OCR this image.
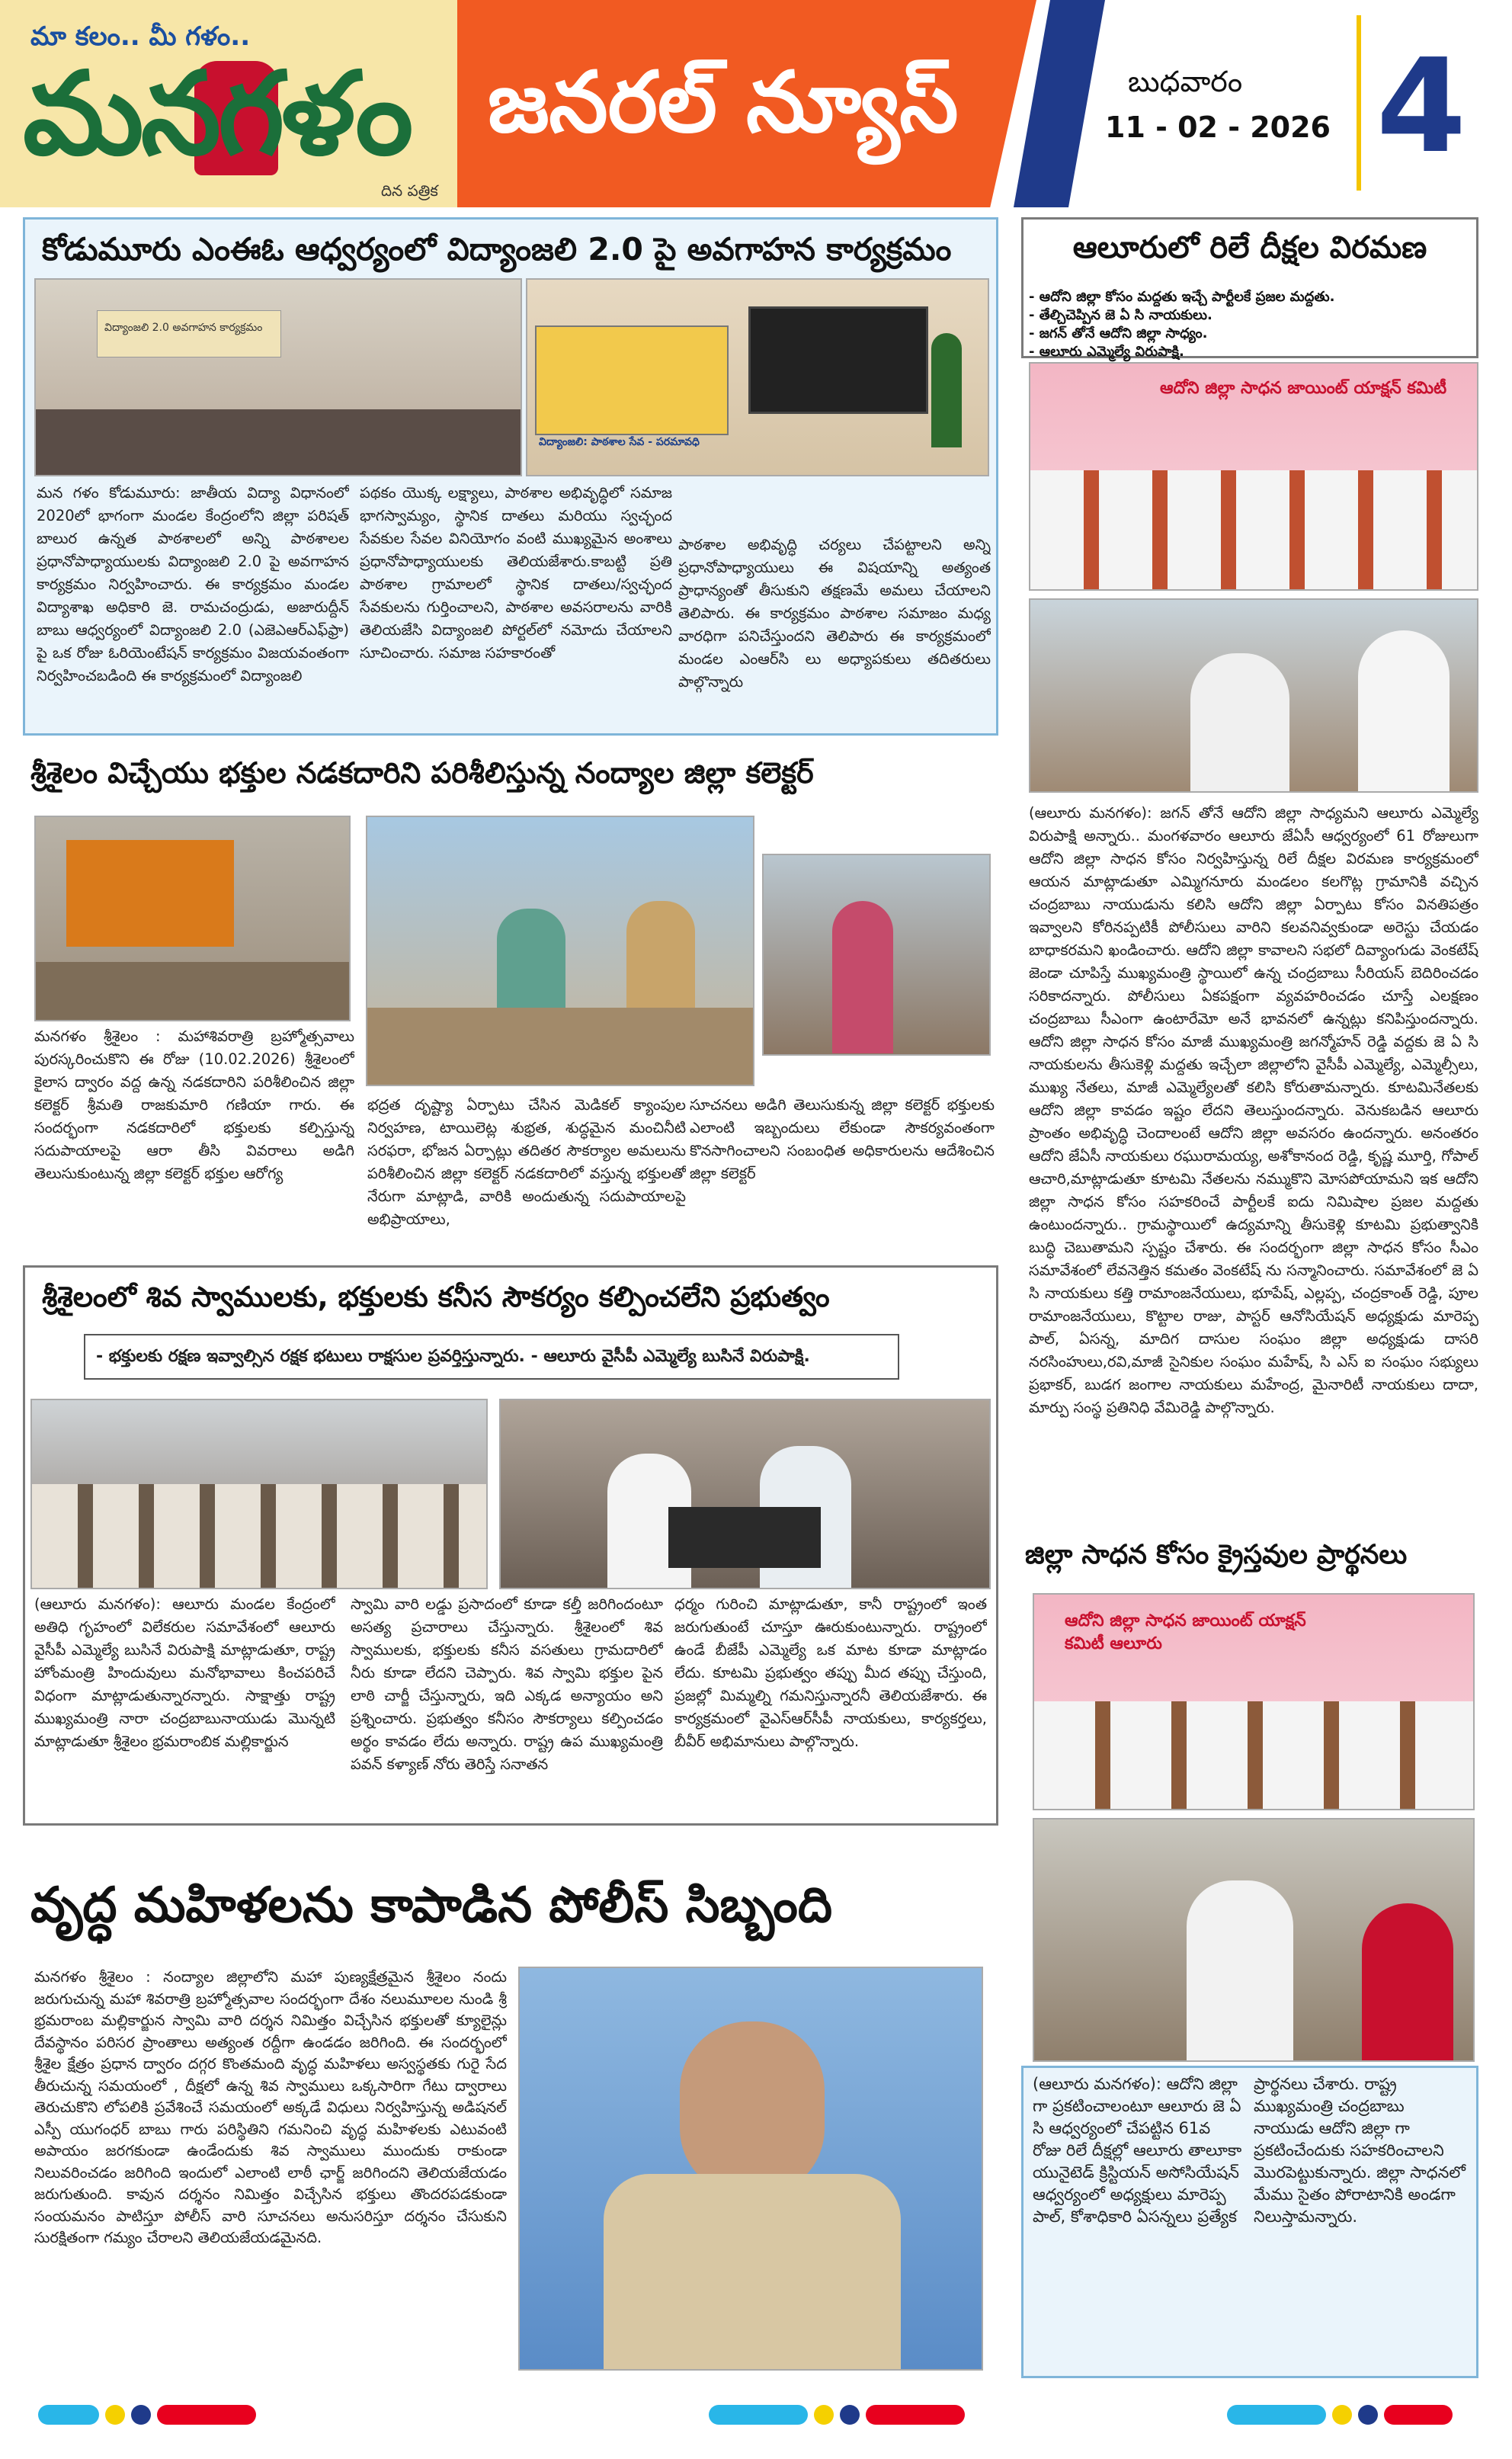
మా కలం.. మీ గళం..
మనగళం
దిన పత్రిక
జనరల్ న్యూస్	బుధవారం
11 - 02 - 2026 4
కోడుమూరు ఎంఈఓ ఆధ్వర్యంలో విద్యాంజలి 2.0 పై అవగాహన కార్యక్రమం
విద్యాంజలి 2.0 అవగాహన కార్యక్రమం
విద్యాంజలి: పాఠశాల సేవ - పరమావధి
మన గళం కోడుమూరు: జాతీయ విద్యా విధానంలో 2020లో భాగంగా మండల కేంద్రంలోని జిల్లా పరిషత్ బాలుర ఉన్నత పాఠశాలలో అన్ని పాఠశాలల ప్రధానోపాధ్యాయులకు విద్యాంజలి 2.0 పై అవగాహన కార్యక్రమం నిర్వహించారు. ఈ కార్యక్రమం మండల విద్యాశాఖ అధికారి జె. రామచంద్రుడు, అజారుద్దీన్ బాబు ఆధ్వర్యంలో విద్యాంజలి 2.0 (ఎజెఎఆర్ఎఫ్‌ఫ్రా) పై ఒక రోజు ఓరియెంటేషన్ కార్యక్రమం విజయవంతంగా నిర్వహించబడింది ఈ కార్యక్రమంలో విద్యాంజలి
పథకం యొక్క లక్ష్యాలు, పాఠశాల అభివృద్ధిలో సమాజ భాగస్వామ్యం, స్థానిక దాతలు మరియు స్వచ్ఛంద సేవకుల సేవల వినియోగం వంటి ముఖ్యమైన అంశాలు ప్రధానోపాధ్యాయులకు తెలియజేశారు.కాబట్టి ప్రతి పాఠశాల గ్రామాలలో స్థానిక దాతలు/స్వచ్ఛంద సేవకులను గుర్తించాలని, పాఠశాల అవసరాలను వారికి తెలియజేసి విద్యాంజలి పోర్టల్‌లో నమోదు చేయాలని సూచించారు. సమాజ సహకారంతో
పాఠశాల అభివృద్ధి చర్యలు చేపట్టాలని అన్ని ప్రధానోపాధ్యాయులు ఈ విషయాన్ని అత్యంత ప్రాధాన్యంతో తీసుకుని తక్షణమే అమలు చేయాలని తెలిపారు. ఈ కార్యక్రమం పాఠశాల సమాజం మధ్య వారధిగా పనిచేస్తుందని తెలిపారు ఈ కార్యక్రమంలో మండల ఎంఆర్‌సి లు అధ్యాపకులు తదితరులు పాల్గొన్నారు
శ్రీశైలం విచ్చేయు భక్తుల నడకదారిని పరిశీలిస్తున్న నంద్యాల జిల్లా కలెక్టర్
మనగళం శ్రీశైలం : మహాశివరాత్రి బ్రహ్మోత్సవాలు పురస్కరించుకొని ఈ రోజు (10.02.2026) శ్రీశైలంలో కైలాస ద్వారం వద్ద ఉన్న నడకదారిని పరిశీలించిన జిల్లా కలెక్టర్ శ్రీమతి రాజకుమారి గణియా గారు. ఈ సందర్భంగా నడకదారిలో భక్తులకు కల్పిస్తున్న సదుపాయాలపై ఆరా తీసి వివరాలు అడిగి తెలుసుకుంటున్న జిల్లా కలెక్టర్ భక్తుల ఆరోగ్య
భద్రత దృష్ట్యా ఏర్పాటు చేసిన మెడికల్ క్యాంపుల నిర్వహణ, టాయిలెట్ల శుభ్రత, శుద్ధమైన మంచినీటి సరఫరా, భోజన ఏర్పాట్లు తదితర సౌకర్యాల అమలును పరిశీలించిన జిల్లా కలెక్టర్ నడకదారిలో వస్తున్న భక్తులతో నేరుగా మాట్లాడి, వారికి అందుతున్న సదుపాయాలపై అభిప్రాయాలు,
సూచనలు అడిగి తెలుసుకున్న జిల్లా కలెక్టర్ భక్తులకు ఎలాంటి ఇబ్బందులు లేకుండా సౌకర్యవంతంగా కొనసాగించాలని సంబంధిత అధికారులను ఆదేశించిన జిల్లా కలెక్టర్
శ్రీశైలంలో శివ స్వాములకు, భక్తులకు కనీస సౌకర్యం కల్పించలేని ప్రభుత్వం
- భక్తులకు రక్షణ ఇవ్వాల్సిన రక్షక భటులు రాక్షసుల ప్రవర్తిస్తున్నారు. - ఆలూరు వైసీపీ ఎమ్మెల్యే బుసినే విరుపాక్షి.
(ఆలూరు మనగళం): ఆలూరు మండల కేంద్రంలో అతిధి గృహంలో విలేకరుల సమావేశంలో ఆలూరు వైసీపీ ఎమ్మెల్యే బుసినే విరుపాక్షి మాట్లాడుతూ, రాష్ట్ర హోంమంత్రి హిందువులు మనోభావాలు కించపరిచే విధంగా మాట్లాడుతున్నారన్నారు. సాక్షాత్తు రాష్ట్ర ముఖ్యమంత్రి నారా చంద్రబాబునాయుడు మొన్నటి మాట్లాడుతూ శ్రీశైలం భ్రమరాంబిక మల్లికార్జున
స్వామి వారి లడ్డు ప్రసాదంలో కూడా కల్తీ జరిగిందంటూ అసత్య ప్రచారాలు చేస్తున్నారు. శ్రీశైలంలో శివ స్వాములకు, భక్తులకు కనీస వసతులు గ్రామదారిలో నీరు కూడా లేదని చెప్పారు. శివ స్వామి భక్తుల పైన లాఠి చార్జీ చేస్తున్నారు, ఇది ఎక్కడ అన్యాయం అని ప్రశ్నించారు. ప్రభుత్వం కనీసం సౌకర్యాలు కల్పించడం అర్థం కావడం లేదు అన్నారు. రాష్ట్ర ఉప ముఖ్యమంత్రి పవన్ కళ్యాణ్ నోరు తెరిస్తే సనాతన
ధర్మం గురించి మాట్లాడుతూ, కానీ రాష్ట్రంలో ఇంత జరుగుతుంటే చూస్తూ ఊరుకుంటున్నారు. రాష్ట్రంలో ఉండే బీజేపీ ఎమ్మెల్యే ఒక మాట కూడా మాట్లాడం లేదు. కూటమి ప్రభుత్వం తప్పు మీద తప్పు చేస్తుంది, ప్రజల్లో మిమ్మల్ని గమనిస్తున్నారనీ తెలియజేశారు. ఈ కార్యక్రమంలో వైఎస్ఆర్‌సీపీ నాయకులు, కార్యకర్తలు, బీవీర్ అభిమానులు పాల్గొన్నారు.
వృద్ధ మహిళలను కాపాడిన పోలీస్ సిబ్బంది
మనగళం శ్రీశైలం : నంద్యాల జిల్లాలోని మహా పుణ్యక్షేత్రమైన శ్రీశైలం నందు జరుగుచున్న మహా శివరాత్రి బ్రహ్మోత్సవాల సందర్భంగా దేశం నలుమూలల నుండి శ్రీ భ్రమరాంబ మల్లికార్జున స్వామి వారి దర్శన నిమిత్తం విచ్చేసిన భక్తులతో క్యూలైన్లు దేవస్థానం పరిసర ప్రాంతాలు అత్యంత రద్దీగా ఉండడం జరిగింది. ఈ సందర్భంలో శ్రీశైల క్షేత్రం ప్రధాన ద్వారం దగ్గర కొంతమంది వృద్ధ మహిళలు అస్వస్థతకు గురై సేద తీరుచున్న సమయంలో , దీక్షలో ఉన్న శివ స్వాములు ఒక్కసారిగా గేటు ద్వారాలు తెరుచుకొని లోపలికి ప్రవేశించే సమయంలో అక్కడే విధులు నిర్వహిస్తున్న అడిషనల్ ఎస్పీ యుగంధర్ బాబు గారు పరిస్థితిని గమనించి వృద్ధ మహిళలకు ఎటువంటి అపాయం జరగకుండా ఉండేందుకు శివ స్వాములు ముందుకు రాకుండా నిలువరించడం జరిగింది ఇందులో ఎలాంటి లాఠీ ఛార్జ్ జరిగిందని తెలియజేయడం జరుగుతుంది. కావున దర్శనం నిమిత్తం విచ్చేసిన భక్తులు తొందరపడకుండా సంయమనం పాటిస్తూ పోలీస్ వారి సూచనలు అనుసరిస్తూ దర్శనం చేసుకుని సురక్షితంగా గమ్యం చేరాలని తెలియజేయడమైనది.
ఆలూరులో రిలే దీక్షల విరమణ
- ఆదోని జిల్లా కోసం మద్దతు ఇచ్చే పార్టీలకే ప్రజల మద్దతు.
- తేల్చిచెప్పిన జె ఏ సి నాయకులు.
- జగన్ తోనే ఆదోని జిల్లా సాధ్యం.
- ఆలూరు ఎమ్మెల్యే విరుపాక్షి.
ఆదోని జిల్లా సాధన జాయింట్ యాక్షన్ కమిటీ
(ఆలూరు మనగళం): జగన్ తోనే ఆదోని జిల్లా సాధ్యమని ఆలూరు ఎమ్మెల్యే విరుపాక్షి అన్నారు.. మంగళవారం ఆలూరు జేఏసీ ఆధ్వర్యంలో 61 రోజులుగా ఆదోని జిల్లా సాధన కోసం నిర్వహిస్తున్న రిలే దీక్షల విరమణ కార్యక్రమంలో ఆయన మాట్లాడుతూ ఎమ్మిగనూరు మండలం కలగొట్ల గ్రామానికి వచ్చిన చంద్రబాబు నాయుడును కలిసి ఆదోని జిల్లా ఏర్పాటు కోసం వినతిపత్రం ఇవ్వాలని కోరినప్పటికీ పోలీసులు వారిని కలవనివ్వకుండా అరెస్టు చేయడం బాధాకరమని ఖండించారు. ఆదోని జిల్లా కావాలని సభలో దివ్యాంగుడు వెంకటేష్ జెండా చూపిస్తే ముఖ్యమంత్రి స్థాయిలో ఉన్న చంద్రబాబు సీరియస్ బెదిరించడం సరికాదన్నారు. పోలీసులు ఏకపక్షంగా వ్యవహరించడం చూస్తే ఎలక్షణం చంద్రబాబు సీఎంగా ఉంటారేమో అనే భావనలో ఉన్నట్లు కనిపిస్తుందన్నారు. ఆదోని జిల్లా సాధన కోసం మాజీ ముఖ్యమంత్రి జగన్మోహన్ రెడ్డి వద్దకు జె ఏ సి నాయకులను తీసుకెళ్లి మద్దతు ఇచ్చేలా జిల్లాలోని వైసీపీ ఎమ్మెల్యే, ఎమ్మెల్సీలు, ముఖ్య నేతలు, మాజీ ఎమ్మెల్యేలతో కలిసి కోరుతామన్నారు. కూటమినేతలకు ఆదోని జిల్లా కావడం ఇష్టం లేదని తెలుస్తుందన్నారు. వెనుకబడిన ఆలూరు ప్రాంతం అభివృద్ధి చెందాలంటే ఆదోని జిల్లా అవసరం ఉందన్నారు. అనంతరం ఆదోని జేఏసీ నాయకులు రఘురామయ్య, అశోకానంద రెడ్డి, కృష్ణ మూర్తి, గోపాల్ ఆచారి,మాట్లాడుతూ కూటమి నేతలను నమ్ముకొని మోసపోయామని ఇక ఆదోని జిల్లా సాధన కోసం సహకరించే పార్టీలకే ఐదు నిమిషాల ప్రజల మద్దతు ఉంటుందన్నారు.. గ్రామస్థాయిలో ఉద్యమాన్ని తీసుకెళ్లి కూటమి ప్రభుత్వానికి బుద్ధి చెబుతామని స్పష్టం చేశారు. ఈ సందర్భంగా జిల్లా సాధన కోసం సీఎం సమావేశంలో లేవనెత్తిన కమతం వెంకటేష్ ను సన్మానించారు. సమావేశంలో జె ఏ సి నాయకులు కత్తి రామాంజనేయులు, భూపేష్, ఎల్లప్ప, చంద్రకాంత్ రెడ్డి, పూల రామాంజనేయులు, కొట్టాల రాజు, పాస్టర్ ఆనోసియేషన్ అధ్యక్షుడు మారెప్ప పాల్, ఏసన్న, మాదిగ దాసుల సంఘం జిల్లా అధ్యక్షుడు దాసరి నరసింహులు,రవి,మాజీ సైనికుల సంఘం మహేష్, సి ఎస్ ఐ సంఘం సభ్యులు ప్రభాకర్, బుడగ జంగాల నాయకులు మహేంద్ర, మైనారిటీ నాయకులు దాదా, మార్పు సంస్థ ప్రతినిధి వేమిరెడ్డి పాల్గొన్నారు.
జిల్లా సాధన కోసం క్రైస్తవుల ప్రార్థనలు
ఆదోని జిల్లా సాధన జాయింట్ యాక్షన్ కమిటీ ఆలూరు
(ఆలూరు మనగళం): ఆదోని జిల్లా గా ప్రకటించాలంటూ ఆలూరు జె ఏ సి ఆధ్వర్యంలో చేపట్టిన 61వ రోజు రిలే దీక్షల్లో ఆలూరు తాలూకా యునైటెడ్ క్రిస్టియన్ అసోసియేషన్ ఆధ్వర్యంలో అధ్యక్షులు మారెప్ప పాల్, కోశాధికారి ఏసన్నలు ప్రత్యేక
ప్రార్థనలు చేశారు. రాష్ట్ర ముఖ్యమంత్రి చంద్రబాబు నాయుడు ఆదోని జిల్లా గా ప్రకటించేందుకు సహకరించాలని మొరపెట్టుకున్నారు. జిల్లా సాధనలో మేము సైతం పోరాటానికి అండగా నిలుస్తామన్నారు.
